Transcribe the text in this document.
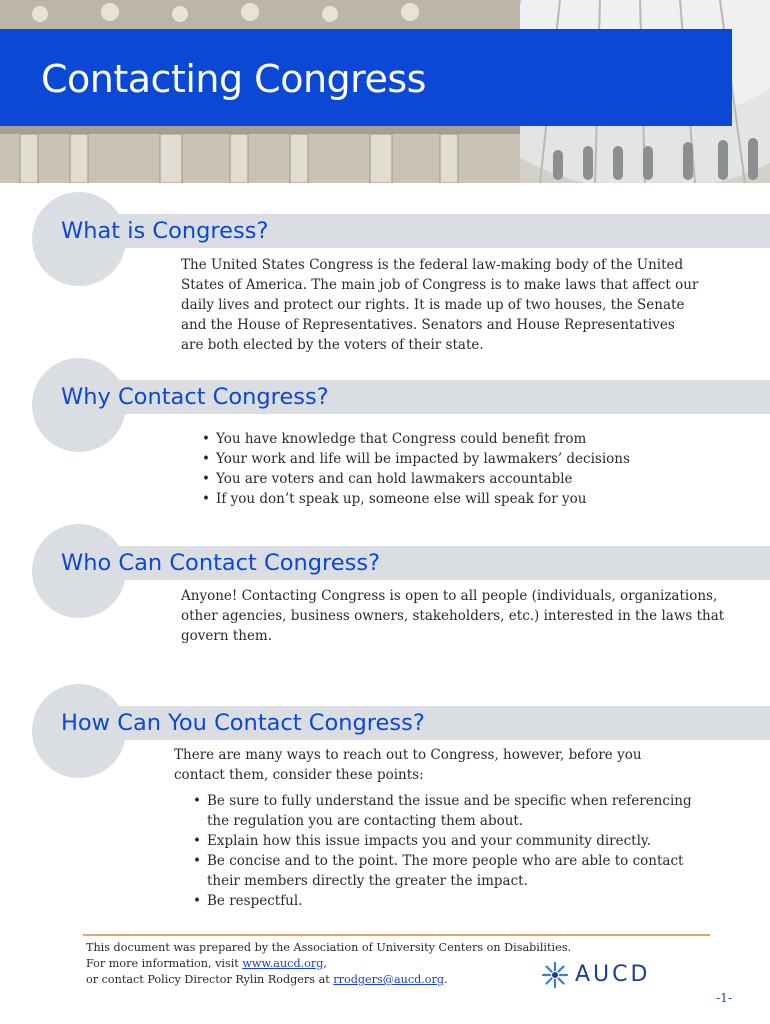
Contacting Congress
What is Congress?

The United States Congress is the federal law-making body of the United States of America. The main job of Congress is to make laws that affect our daily lives and protect our rights. It is made up of two houses, the Senate and the House of Representatives. Senators and House Representatives are both elected by the voters of their state.

Why Contact Congress?
• You have knowledge that Congress could benefit from
• Your work and life will be impacted by lawmakers’ decisions
• You are voters and can hold lawmakers accountable
• If you don’t speak up, someone else will speak for you
Who Can Contact Congress?

Anyone! Contacting Congress is open to all people (individuals, organizations, other agencies, business owners, stakeholders, etc.) interested in the laws that govern them.

How Can You Contact Congress?

There are many ways to reach out to Congress, however, before you contact them, consider these points:

• Be sure to fully understand the issue and be specific when referencing the regulation you are contacting them about.
• Explain how this issue impacts you and your community directly.
• Be concise and to the point. The more people who are able to contact their members directly the greater the impact.
• Be respectful.
This document was prepared by the Association of University Centers on Disabilities.
For more information, visit www.aucd.org,
or contact Policy Director Rylin Rodgers at rrodgers@aucd.org.	AUCD
-1-
